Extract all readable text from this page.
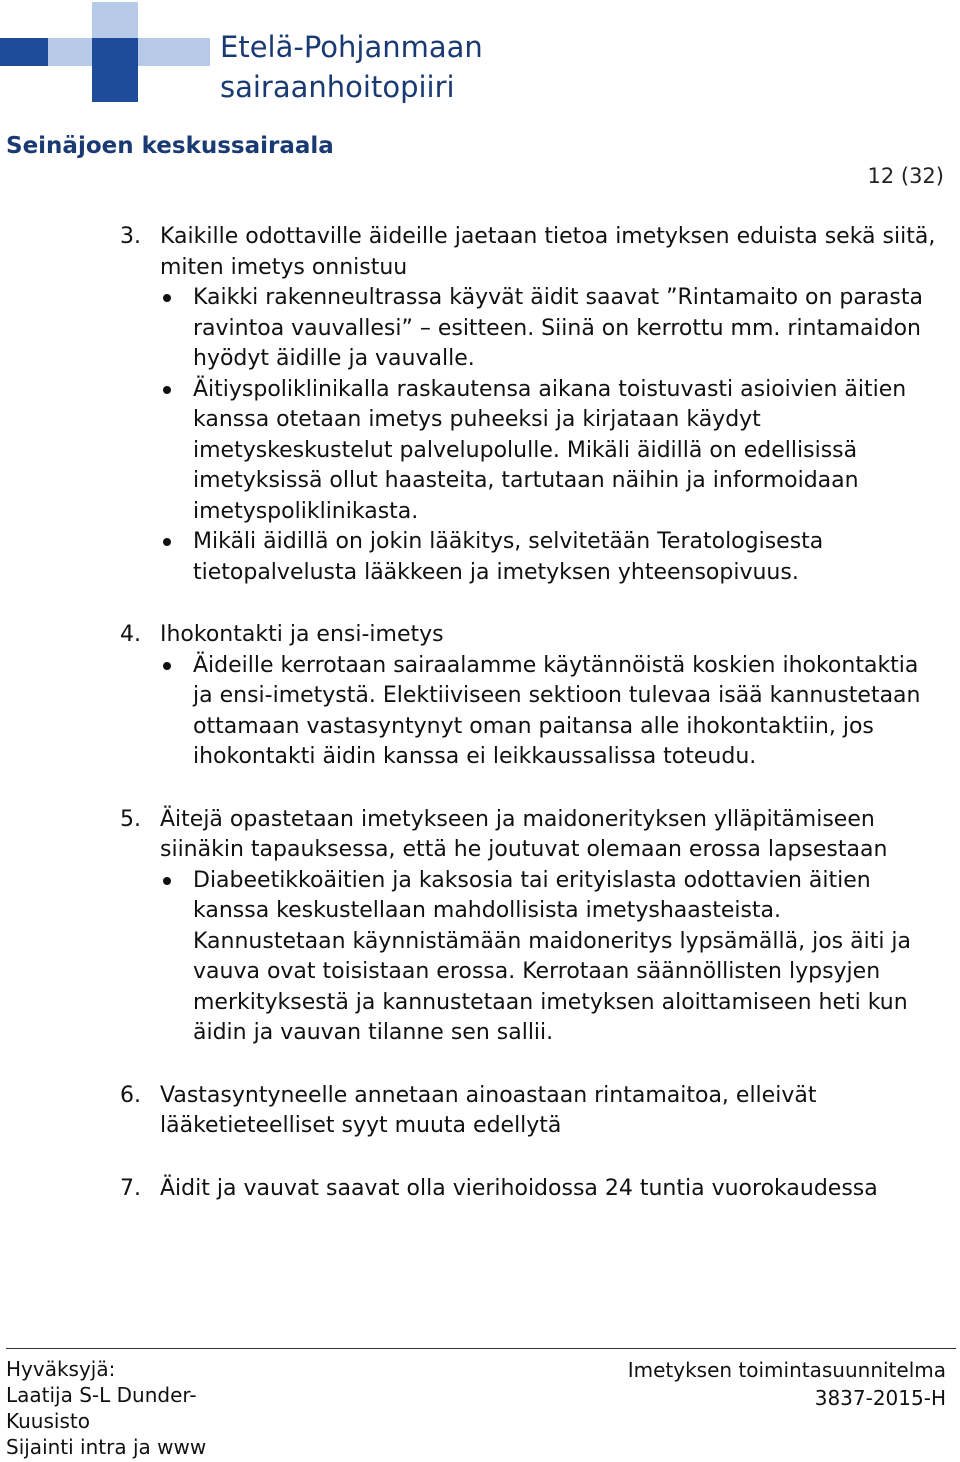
Etelä-Pohjanmaan
sairaanhoitopiiri
Seinäjoen keskussairaala
12 (32)
3. Kaikille odottaville äideille jaetaan tietoa imetyksen eduista sekä siitä, miten imetys onnistuu
Kaikki rakenneultrassa käyvät äidit saavat ”Rintamaito on parasta ravintoa vauvallesi” – esitteen. Siinä on kerrottu mm. rintamaidon hyödyt äidille ja vauvalle.
Äitiyspoliklinikalla raskautensa aikana toistuvasti asioivien äitien kanssa otetaan imetys puheeksi ja kirjataan käydyt imetyskeskustelut palvelupolulle. Mikäli äidillä on edellisissä imetyksissä ollut haasteita, tartutaan näihin ja informoidaan imetyspoliklinikasta.
Mikäli äidillä on jokin lääkitys, selvitetään Teratologisesta tietopalvelusta lääkkeen ja imetyksen yhteensopivuus.
4. Ihokontakti ja ensi-imetys
Äideille kerrotaan sairaalamme käytännöistä koskien ihokontaktia ja ensi-imetystä. Elektiiviseen sektioon tulevaa isää kannustetaan ottamaan vastasyntynyt oman paitansa alle ihokontaktiin, jos ihokontakti äidin kanssa ei leikkaussalissa toteudu.
5. Äitejä opastetaan imetykseen ja maidonerityksen ylläpitämiseen siinäkin tapauksessa, että he joutuvat olemaan erossa lapsestaan
Diabeetikkoäitien ja kaksosia tai erityislasta odottavien äitien kanssa keskustellaan mahdollisista imetyshaasteista. Kannustetaan käynnistämään maidoneritys lypsämällä, jos äiti ja vauva ovat toisistaan erossa. Kerrotaan säännöllisten lypsyjen merkityksestä ja kannustetaan imetyksen aloittamiseen heti kun äidin ja vauvan tilanne sen sallii.
6. Vastasyntyneelle annetaan ainoastaan rintamaitoa, elleivät lääketieteelliset syyt muuta edellytä
7. Äidit ja vauvat saavat olla vierihoidossa 24 tuntia vuorokaudessa
Hyväksyjä:
Laatija S-L Dunder-Kuusisto
Sijainti intra ja www
Imetyksen toimintasuunnitelma
3837-2015-H
